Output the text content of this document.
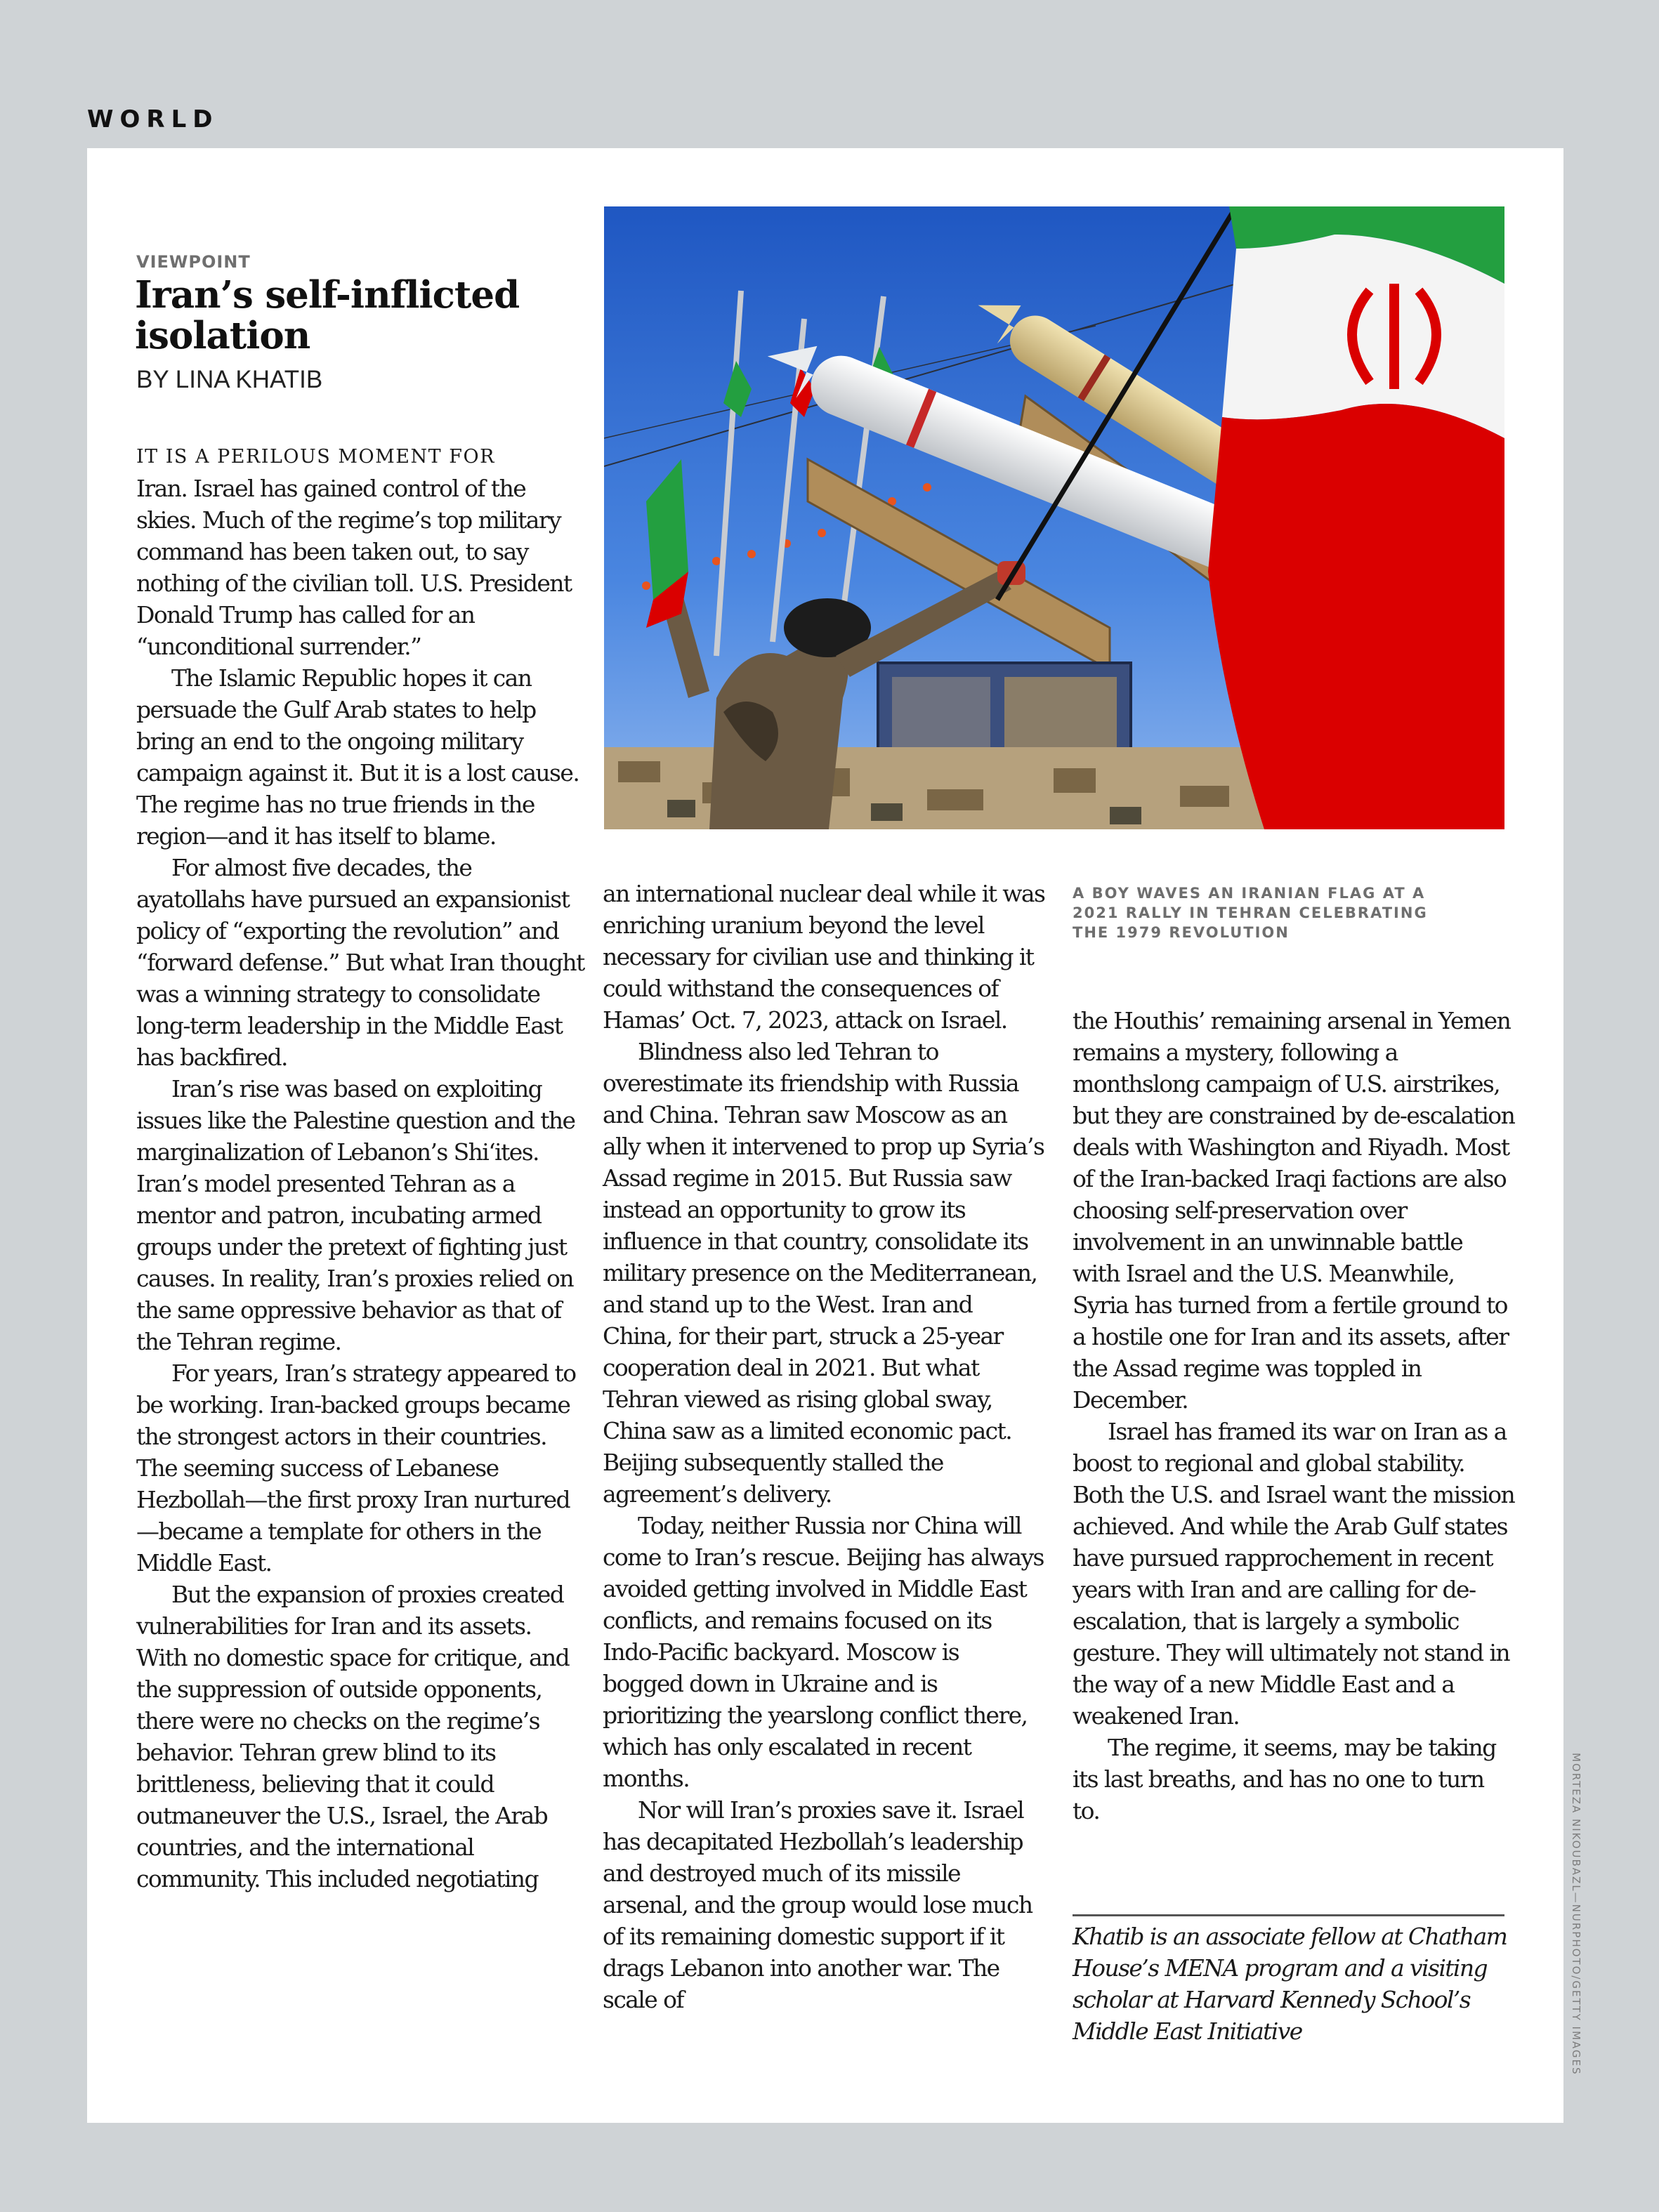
WORLD
VIEWPOINT
Iran’s self-inflicted isolation
BY LINA KHATIB

IT IS A PERILOUS MOMENT FOR
Iran. Israel has gained control of the skies. Much of the regime’s top military command has been taken out, to say nothing of the civilian toll. U.S. President Donald Trump has called for an “unconditional surrender.”

The Islamic Republic hopes it can persuade the Gulf Arab states to help bring an end to the ongoing military campaign against it. But it is a lost cause. The regime has no true friends in the region—and it has itself to blame.

For almost five decades, the ayatollahs have pursued an expansionist policy of “exporting the revolution” and “forward defense.” But what Iran thought was a winning strategy to consolidate long-term leadership in the Middle East has backfired.

Iran’s rise was based on exploiting issues like the Palestine question and the marginalization of Lebanon’s Shi‘ites. Iran’s model presented Tehran as a mentor and patron, incubating armed groups under the pretext of fighting just causes. In reality, Iran’s proxies relied on the same oppressive behavior as that of the Tehran regime.

For years, Iran’s strategy appeared to be working. Iran-backed groups became the strongest actors in their countries. The seeming success of Lebanese Hezbollah—the first proxy Iran nurtured—became a template for others in the Middle East.

But the expansion of proxies created vulnerabilities for Iran and its assets. With no domestic space for critique, and the suppression of outside opponents, there were no checks on the regime’s behavior. Tehran grew blind to its brittleness, believing that it could outmaneuver the U.S., Israel, the Arab countries, and the international community. This included negotiating

A BOY WAVES AN IRANIAN FLAG AT A 2021 RALLY IN TEHRAN CELEBRATING THE 1979 REVOLUTION

an international nuclear deal while it was enriching uranium beyond the level necessary for civilian use and thinking it could withstand the consequences of Hamas’ Oct. 7, 2023, attack on Israel.

Blindness also led Tehran to overestimate its friendship with Russia and China. Tehran saw Moscow as an ally when it intervened to prop up Syria’s Assad regime in 2015. But Russia saw instead an opportunity to grow its influence in that country, consolidate its military presence on the Mediterranean, and stand up to the West. Iran and China, for their part, struck a 25-year cooperation deal in 2021. But what Tehran viewed as rising global sway, China saw as a limited economic pact. Beijing subsequently stalled the agreement’s delivery.

Today, neither Russia nor China will come to Iran’s rescue. Beijing has always avoided getting involved in Middle East conflicts, and remains focused on its Indo-Pacific backyard. Moscow is bogged down in Ukraine and is prioritizing the yearslong conflict there, which has only escalated in recent months.

Nor will Iran’s proxies save it. Israel has decapitated Hezbollah’s leadership and destroyed much of its missile arsenal, and the group would lose much of its remaining domestic support if it drags Lebanon into another war. The scale of

the Houthis’ remaining arsenal in Yemen remains a mystery, following a monthslong campaign of U.S. airstrikes, but they are constrained by de-escalation deals with Washington and Riyadh. Most of the Iran-backed Iraqi factions are also choosing self-preservation over involvement in an unwinnable battle with Israel and the U.S. Meanwhile, Syria has turned from a fertile ground to a hostile one for Iran and its assets, after the Assad regime was toppled in December.

Israel has framed its war on Iran as a boost to regional and global stability. Both the U.S. and Israel want the mission achieved. And while the Arab Gulf states have pursued rapprochement in recent years with Iran and are calling for de-escalation, that is largely a symbolic gesture. They will ultimately not stand in the way of a new Middle East and a weakened Iran.

The regime, it seems, may be taking its last breaths, and has no one to turn to.

Khatib is an associate fellow at Chatham House’s MENA program and a visiting scholar at Harvard Kennedy School’s Middle East Initiative	MORTEZA NIKOUBAZL—NURPHOTO/GETTY IMAGES
